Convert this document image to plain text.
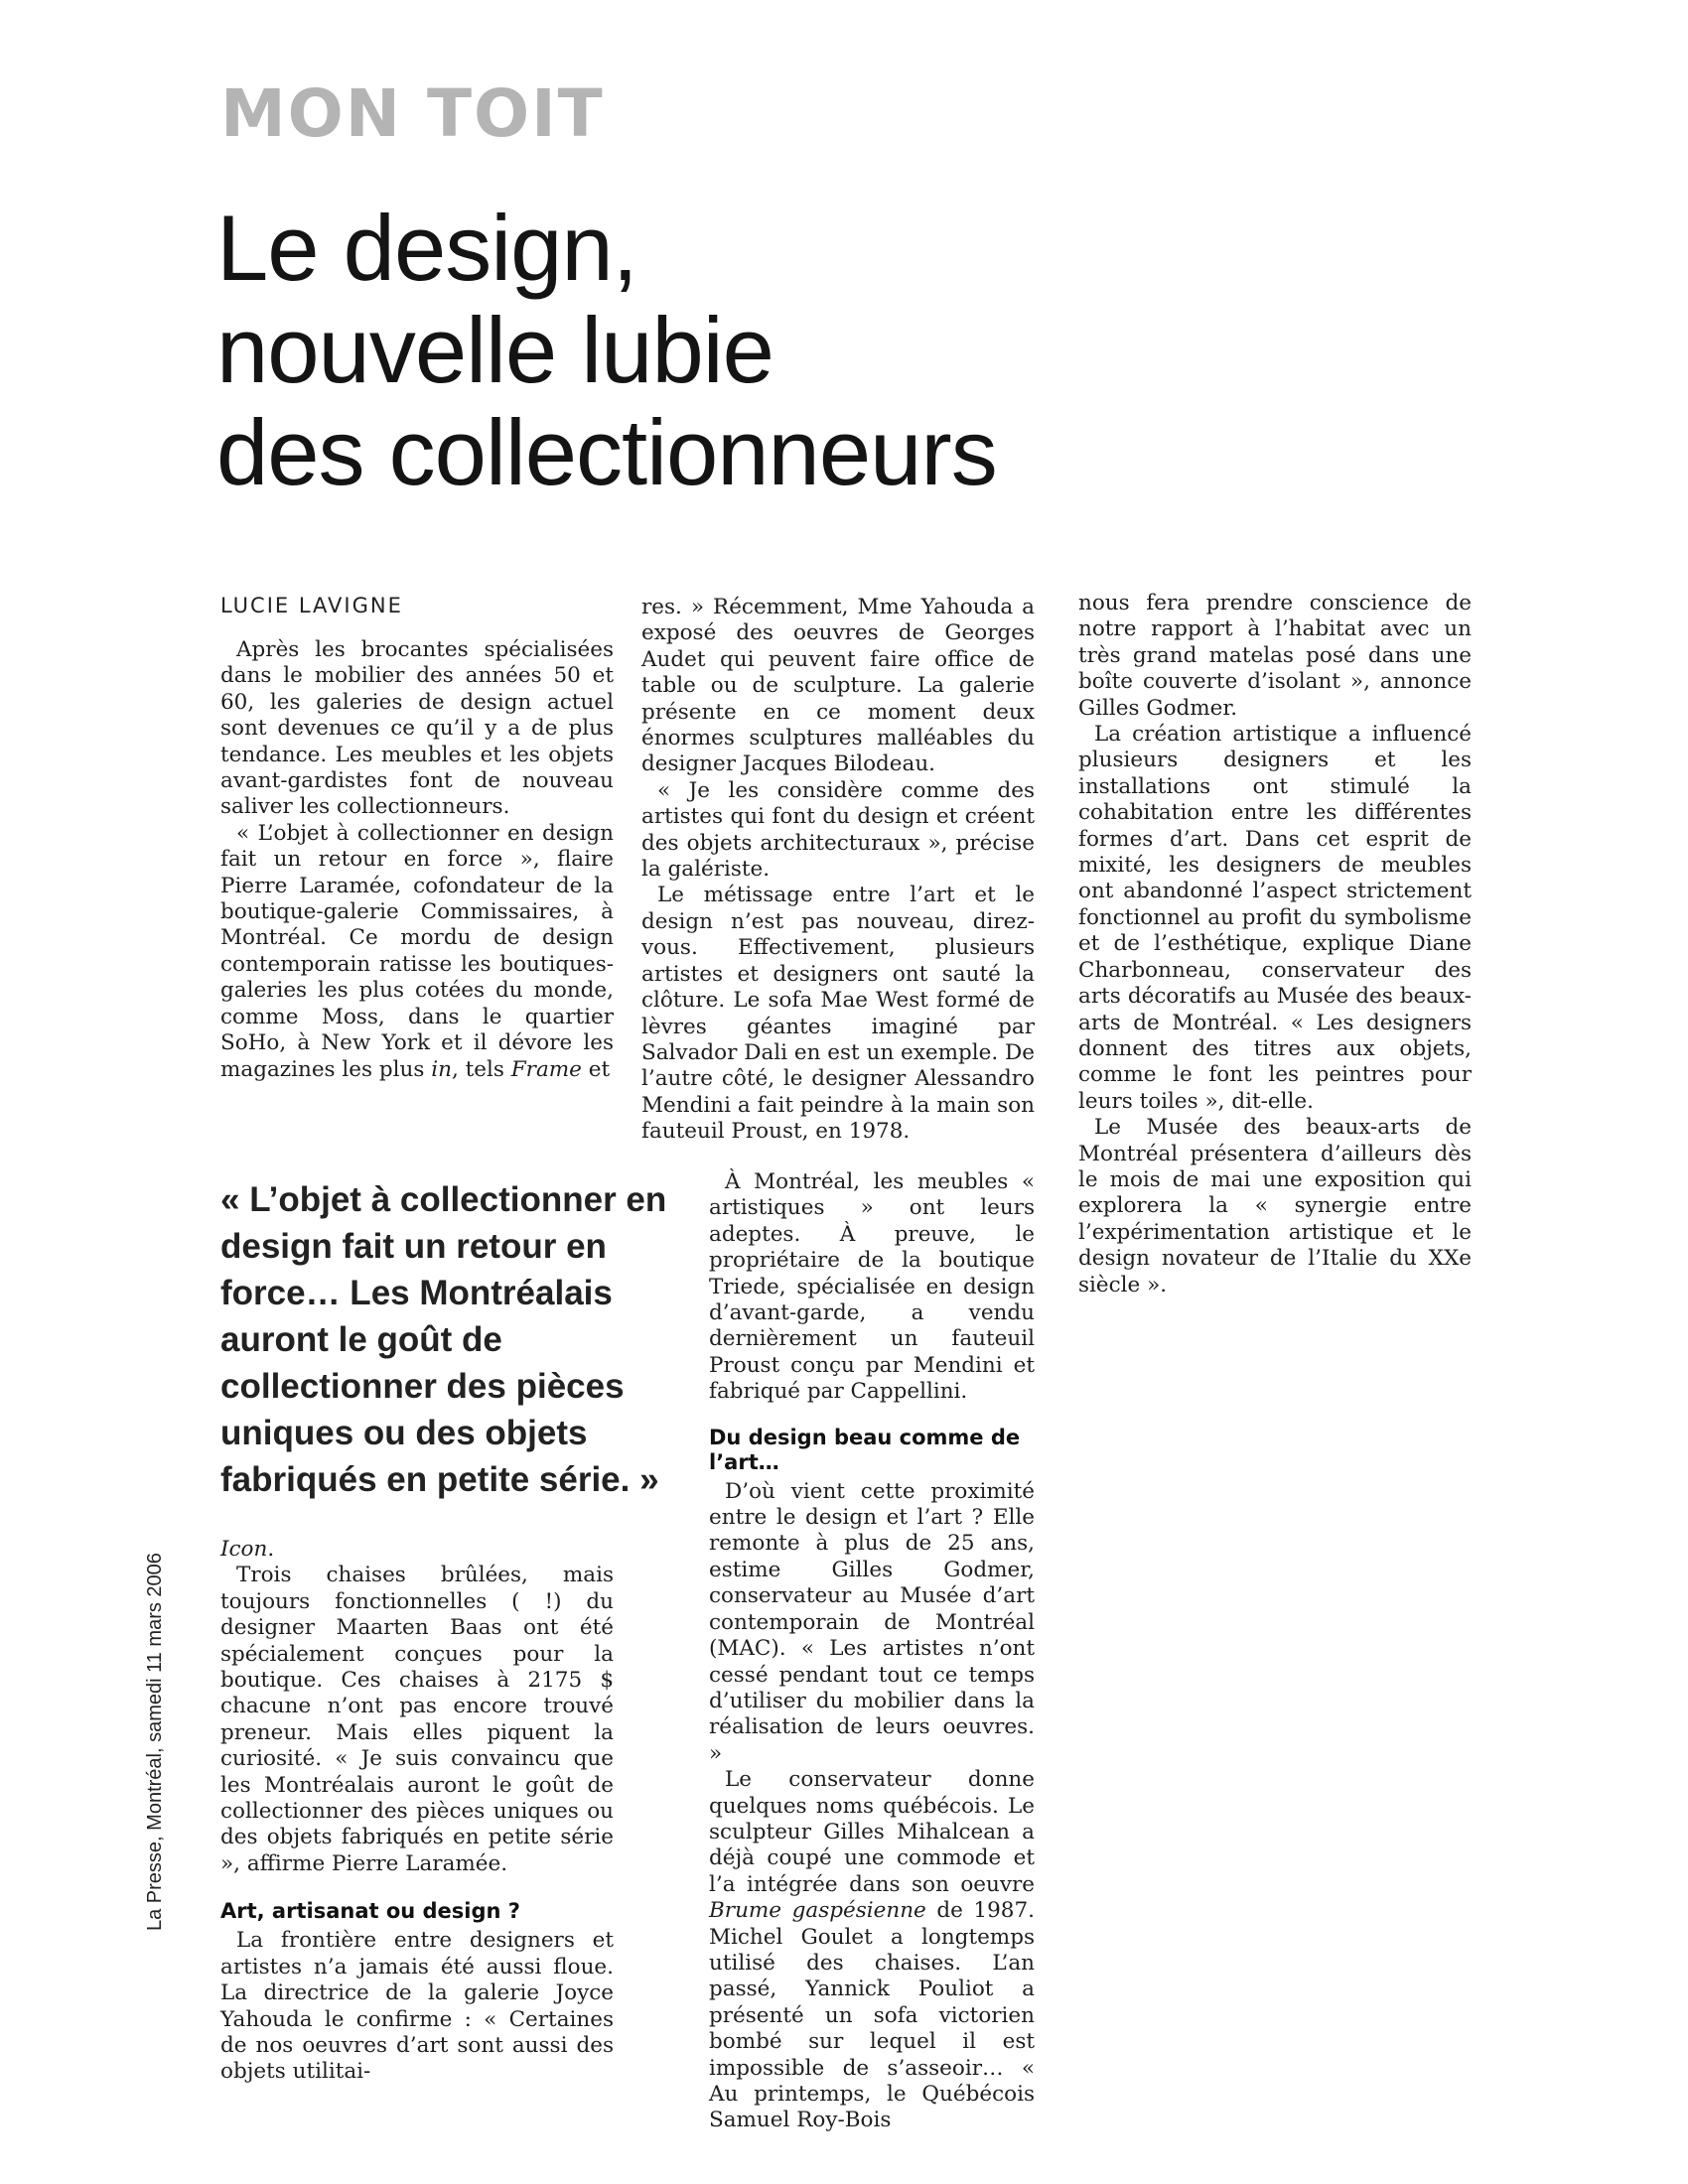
MON TOIT
Le design,
nouvelle lubie
des collectionneurs
LUCIE LAVIGNE

Après les brocantes spécialisées dans le mobilier des années 50 et 60, les galeries de design actuel sont devenues ce qu’il y a de plus tendance. Les meubles et les objets avant-gardistes font de nouveau saliver les collectionneurs.

« L’objet à collectionner en design fait un retour en force », flaire Pierre Laramée, cofondateur de la boutique-galerie Commissaires, à Montréal. Ce mordu de design contemporain ratisse les boutiques-galeries les plus cotées du monde, comme Moss, dans le quartier SoHo, à New York et il dévore les magazines les plus in, tels Frame et

« L’objet à collectionner en design fait un retour en force… Les Montréalais auront le goût de collectionner des pièces uniques ou des objets fabriqués en petite série. »

Icon.

Trois chaises brûlées, mais toujours fonctionnelles ( !) du designer Maarten Baas ont été spécialement conçues pour la boutique. Ces chaises à 2175 $ chacune n’ont pas encore trouvé preneur. Mais elles piquent la curiosité. « Je suis convaincu que les Montréalais auront le goût de collectionner des pièces uniques ou des objets fabriqués en petite série », affirme Pierre Laramée.

Art, artisanat ou design ?

La frontière entre designers et artistes n’a jamais été aussi floue. La directrice de la galerie Joyce Yahouda le confirme : « Certaines de nos oeuvres d’art sont aussi des objets utilitai-

res. » Récemment, Mme Yahouda a exposé des oeuvres de Georges Audet qui peuvent faire office de table ou de sculpture. La galerie présente en ce moment deux énormes sculptures malléables du designer Jacques Bilodeau.

« Je les considère comme des artistes qui font du design et créent des objets architecturaux », précise la galériste.

Le métissage entre l’art et le design n’est pas nouveau, direz-vous. Effectivement, plusieurs artistes et designers ont sauté la clôture. Le sofa Mae West formé de lèvres géantes imaginé par Salvador Dali en est un exemple. De l’autre côté, le designer Alessandro Mendini a fait peindre à la main son fauteuil Proust, en 1978.

À Montréal, les meubles « artistiques » ont leurs adeptes. À preuve, le propriétaire de la boutique Triede, spécialisée en design d’avant-garde, a vendu dernièrement un fauteuil Proust conçu par Mendini et fabriqué par Cappellini.

Du design beau comme de l’art…

D’où vient cette proximité entre le design et l’art ? Elle remonte à plus de 25 ans, estime Gilles Godmer, conservateur au Musée d’art contemporain de Montréal (MAC). « Les artistes n’ont cessé pendant tout ce temps d’utiliser du mobilier dans la réalisation de leurs oeuvres. »

Le conservateur donne quelques noms québécois. Le sculpteur Gilles Mihalcean a déjà coupé une commode et l’a intégrée dans son oeuvre Brume gaspésienne de 1987. Michel Goulet a longtemps utilisé des chaises. L’an passé, Yannick Pouliot a présenté un sofa victorien bombé sur lequel il est impossible de s’asseoir… « Au printemps, le Québécois Samuel Roy-Bois

nous fera prendre conscience de notre rapport à l’habitat avec un très grand matelas posé dans une boîte couverte d’isolant », annonce Gilles Godmer.

La création artistique a influencé plusieurs designers et les installations ont stimulé la cohabitation entre les différentes formes d’art. Dans cet esprit de mixité, les designers de meubles ont abandonné l’aspect strictement fonctionnel au profit du symbolisme et de l’esthétique, explique Diane Charbonneau, conservateur des arts décoratifs au Musée des beaux-arts de Montréal. « Les designers donnent des titres aux objets, comme le font les peintres pour leurs toiles », dit-elle.

Le Musée des beaux-arts de Montréal présentera d’ailleurs dès le mois de mai une exposition qui explorera la « synergie entre l’expérimentation artistique et le design novateur de l’Italie du XXe siècle ».

La Presse, Montréal, samedi 11 mars 2006
